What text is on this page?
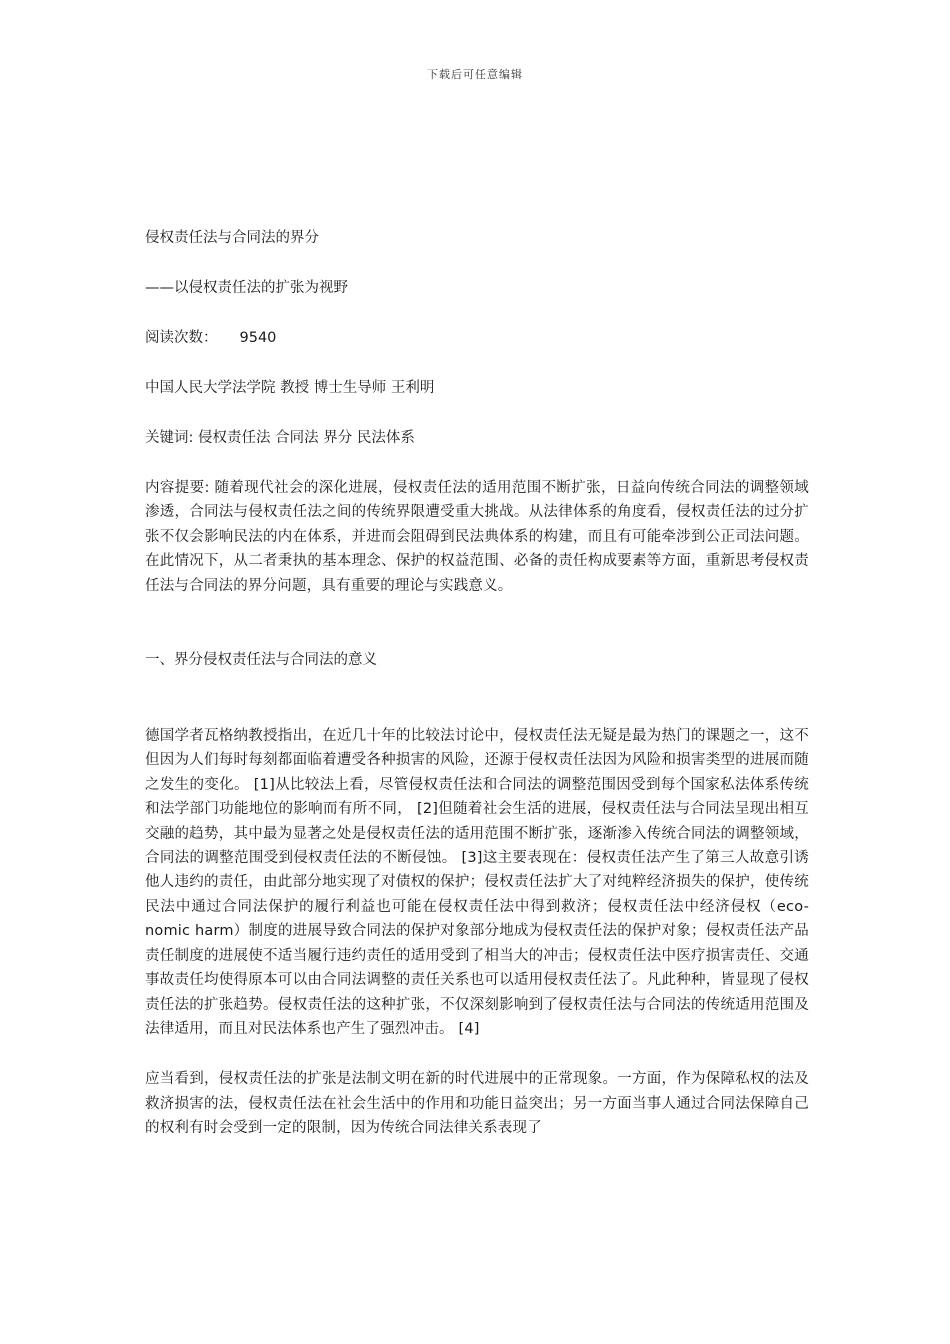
下载后可任意编辑

侵权责任法与合同法的界分

——以侵权责任法的扩张为视野

阅读次数： 9540

中国人民大学法学院 教授 博士生导师 王利明

关键词: 侵权责任法 合同法 界分 民法体系

内容提要: 随着现代社会的深化进展，侵权责任法的适用范围不断扩张，日益向传统合同法的调整领域渗透，合同法与侵权责任法之间的传统界限遭受重大挑战。从法律体系的角度看，侵权责任法的过分扩张不仅会影响民法的内在体系，并进而会阻碍到民法典体系的构建，而且有可能牵涉到公正司法问题。在此情况下，从二者秉执的基本理念、保护的权益范围、必备的责任构成要素等方面，重新思考侵权责任法与合同法的界分问题，具有重要的理论与实践意义。

一、界分侵权责任法与合同法的意义

德国学者瓦格纳教授指出，在近几十年的比较法讨论中，侵权责任法无疑是最为热门的课题之一，这不但因为人们每时每刻都面临着遭受各种损害的风险，还源于侵权责任法因为风险和损害类型的进展而随之发生的变化。 [1]从比较法上看，尽管侵权责任法和合同法的调整范围因受到每个国家私法体系传统和法学部门功能地位的影响而有所不同， [2]但随着社会生活的进展，侵权责任法与合同法呈现出相互交融的趋势，其中最为显著之处是侵权责任法的适用范围不断扩张，逐渐渗入传统合同法的调整领域，合同法的调整范围受到侵权责任法的不断侵蚀。 [3]这主要表现在：侵权责任法产生了第三人故意引诱他人违约的责任，由此部分地实现了对债权的保护；侵权责任法扩大了对纯粹经济损失的保护，使传统民法中通过合同法保护的履行利益也可能在侵权责任法中得到救济；侵权责任法中经济侵权（eco-nomic harm）制度的进展导致合同法的保护对象部分地成为侵权责任法的保护对象；侵权责任法产品责任制度的进展使不适当履行违约责任的适用受到了相当大的冲击；侵权责任法中医疗损害责任、交通事故责任均使得原本可以由合同法调整的责任关系也可以适用侵权责任法了。凡此种种，皆显现了侵权责任法的扩张趋势。侵权责任法的这种扩张，不仅深刻影响到了侵权责任法与合同法的传统适用范围及法律适用，而且对民法体系也产生了强烈冲击。 [4]

应当看到，侵权责任法的扩张是法制文明在新的时代进展中的正常现象。一方面，作为保障私权的法及救济损害的法，侵权责任法在社会生活中的作用和功能日益突出；另一方面当事人通过合同法保障自己的权利有时会受到一定的限制，因为传统合同法律关系表现了
